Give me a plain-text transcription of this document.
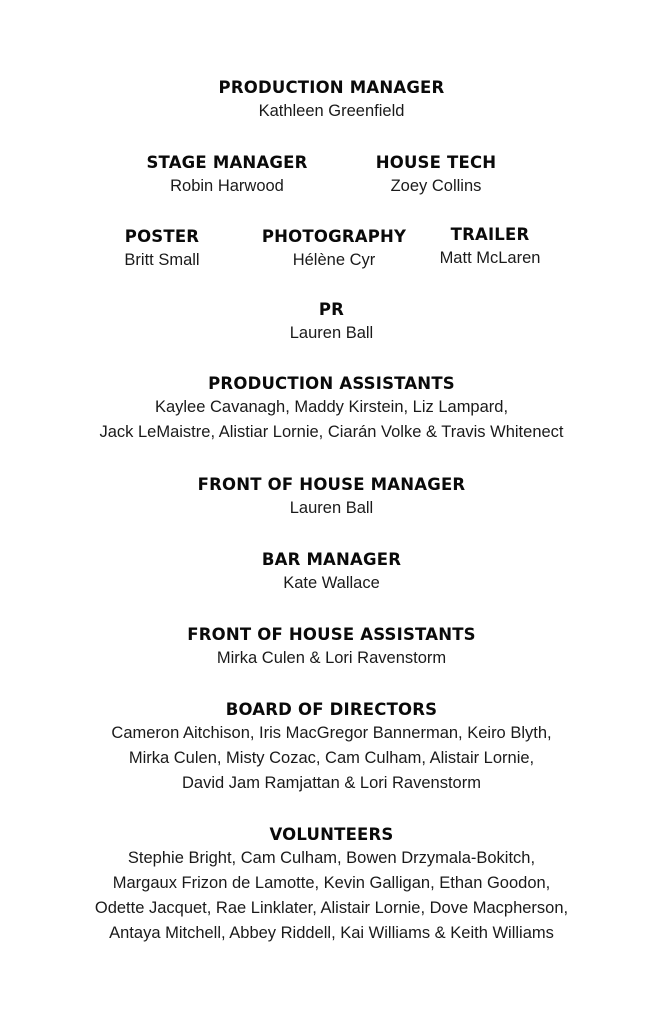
PRODUCTION MANAGER
Kathleen Greenfield
STAGE MANAGER
Robin Harwood
HOUSE TECH
Zoey Collins
POSTER
Britt Small
PHOTOGRAPHY
Hélène Cyr
TRAILER
Matt McLaren
PR
Lauren Ball
PRODUCTION ASSISTANTS
Kaylee Cavanagh, Maddy Kirstein, Liz Lampard,
Jack LeMaistre, Alistiar Lornie, Ciarán Volke & Travis Whitenect
FRONT OF HOUSE MANAGER
Lauren Ball
BAR MANAGER
Kate Wallace
FRONT OF HOUSE ASSISTANTS
Mirka Culen & Lori Ravenstorm
BOARD OF DIRECTORS
Cameron Aitchison, Iris MacGregor Bannerman, Keiro Blyth,
Mirka Culen, Misty Cozac, Cam Culham, Alistair Lornie,
David Jam Ramjattan & Lori Ravenstorm
VOLUNTEERS
Stephie Bright, Cam Culham, Bowen Drzymala-Bokitch,
Margaux Frizon de Lamotte, Kevin Galligan, Ethan Goodon,
Odette Jacquet, Rae Linklater, Alistair Lornie, Dove Macpherson,
Antaya Mitchell, Abbey Riddell, Kai Williams & Keith Williams
